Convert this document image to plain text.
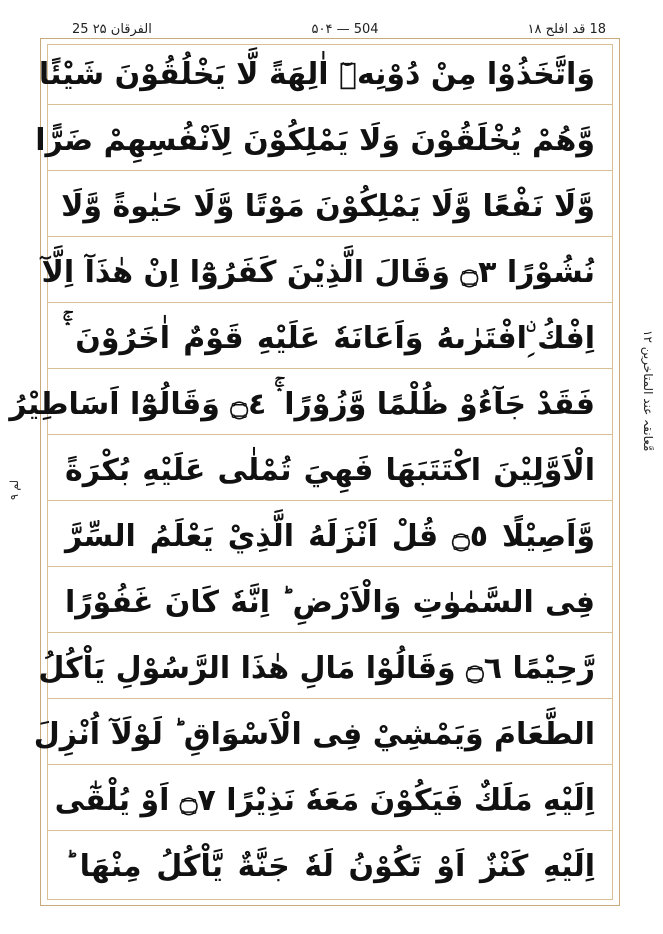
25 الفرقان ۲۵	۵۰۴ — 504	18 قد افلح ۱۸
لم ۹
مَّعانقہ عند المتاخرین ۱۲
وَاتَّخَذُوْا مِنْ دُوْنِهٖٓ اٰلِهَةً لَّا يَخْلُقُوْنَ شَيْئًا
وَّهُمْ يُخْلَقُوْنَ وَلَا يَمْلِكُوْنَ لِاَنْفُسِهِمْ ضَرًّا
وَّلَا نَفْعًا وَّلَا يَمْلِكُوْنَ مَوْتًا وَّلَا حَيٰوةً وَّلَا
نُشُوْرًا ۝٣ وَقَالَ الَّذِيْنَ كَفَرُوْٓا اِنْ هٰذَآ اِلَّآ
اِفْكُ ِۨافْتَرٰىهُ وَاَعَانَهٗ عَلَيْهِ قَوْمٌ اٰخَرُوْنَ ۛۚ
فَقَدْ جَآءُوْ ظُلْمًا وَّزُوْرًا ۛۚ ۝٤ وَقَالُوْٓا اَسَاطِيْرُ
الْاَوَّلِيْنَ اكْتَتَبَهَا فَهِيَ تُمْلٰى عَلَيْهِ بُكْرَةً
وَّاَصِيْلًا ۝٥ قُلْ اَنْزَلَهُ الَّذِيْ يَعْلَمُ السِّرَّ
فِى السَّمٰوٰتِ وَالْاَرْضِ ؕ اِنَّهٗ كَانَ غَفُوْرًا
رَّحِيْمًا ۝٦ وَقَالُوْا مَالِ هٰذَا الرَّسُوْلِ يَاْكُلُ
الطَّعَامَ وَيَمْشِيْ فِى الْاَسْوَاقِ ؕ لَوْلَآ اُنْزِلَ
اِلَيْهِ مَلَكٌ فَيَكُوْنَ مَعَهٗ نَذِيْرًا ۝٧ اَوْ يُلْقٰٓى
اِلَيْهِ كَنْزٌ اَوْ تَكُوْنُ لَهٗ جَنَّةٌ يَّاْكُلُ مِنْهَا ؕ
